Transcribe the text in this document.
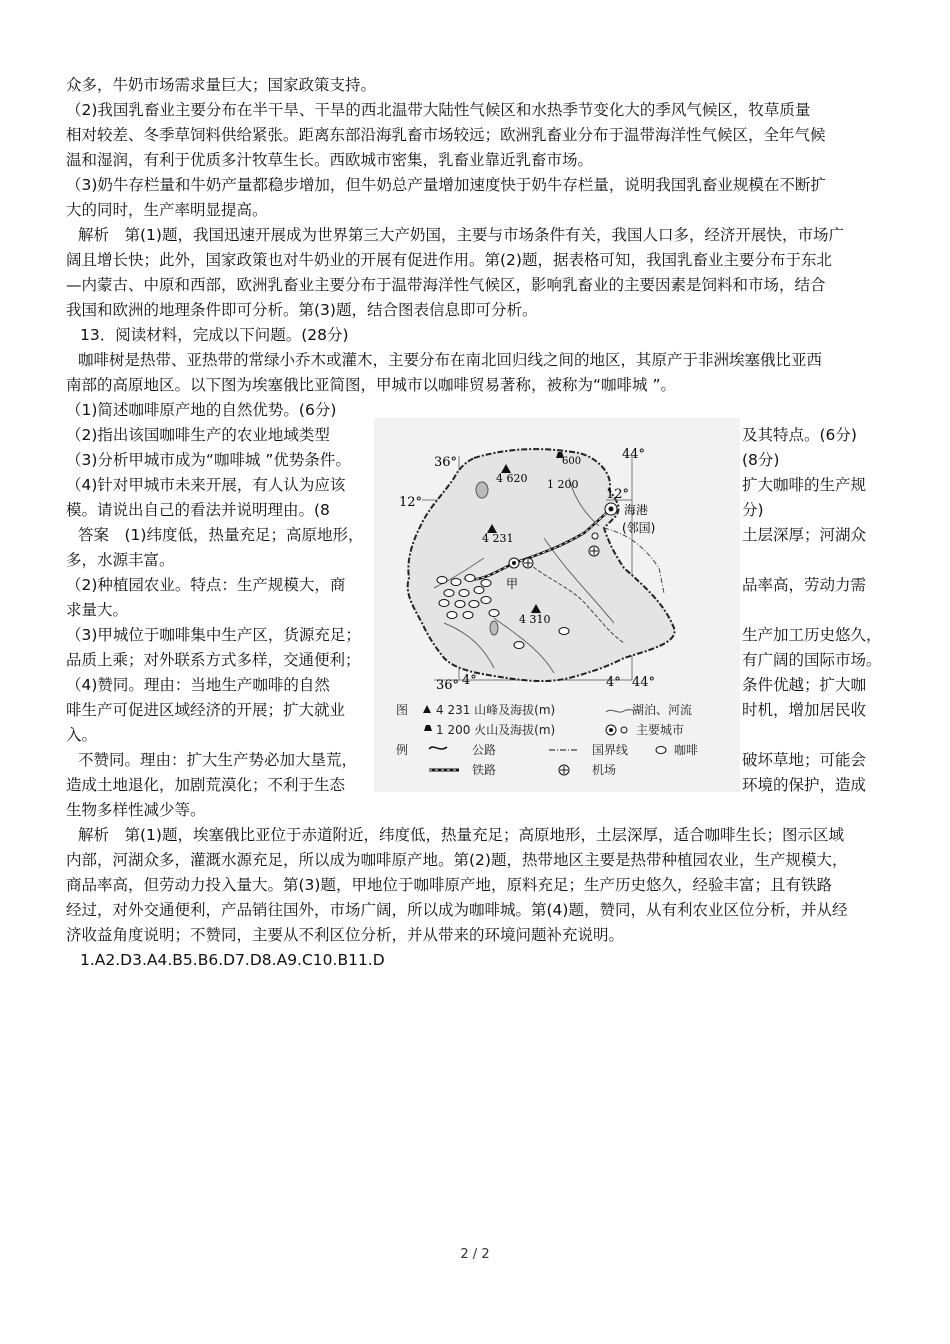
众多，牛奶市场需求量巨大；国家政策支持。
（2)我国乳畜业主要分布在半干旱、干旱的西北温带大陆性气候区和水热季节变化大的季风气候区，牧草质量
相对较差、冬季草饲料供给紧张。距离东部沿海乳畜市场较远；欧洲乳畜业分布于温带海洋性气候区，全年气候
温和湿润，有利于优质多汁牧草生长。西欧城市密集，乳畜业靠近乳畜市场。
（3)奶牛存栏量和牛奶产量都稳步增加，但牛奶总产量增加速度快于奶牛存栏量，说明我国乳畜业规模在不断扩
大的同时，生产率明显提高。
解析　第(1)题，我国迅速开展成为世界第三大产奶国，主要与市场条件有关，我国人口多，经济开展快，市场广
阔且增长快；此外，国家政策也对牛奶业的开展有促进作用。第(2)题，据表格可知，我国乳畜业主要分布于东北
—内蒙古、中原和西部，欧洲乳畜业主要分布于温带海洋性气候区，影响乳畜业的主要因素是饲料和市场，结合
我国和欧洲的地理条件即可分析。第(3)题，结合图表信息即可分析。
13．阅读材料，完成以下问题。(28分)
咖啡树是热带、亚热带的常绿小乔木或灌木，主要分布在南北回归线之间的地区，其原产于非洲埃塞俄比亚西
南部的高原地区。以下图为埃塞俄比亚简图，甲城市以咖啡贸易著称，被称为“咖啡城 ”。
（1)简述咖啡原产地的自然优势。(6分)
（2)指出该国咖啡生产的农业地域类型	及其特点。(6分)
（3)分析甲城市成为“咖啡城 ”优势条件。	(8分)
（4)针对甲城市未来开展，有人认为应该	扩大咖啡的生产规
模。请说出自己的看法并说明理由。(8	分)
答案　(1)纬度低，热量充足；高原地形，	土层深厚；河湖众
多，水源丰富。
（2)种植园农业。特点：生产规模大，商	品率高，劳动力需
求量大。
（3)甲城位于咖啡集中生产区，货源充足；	生产加工历史悠久，
品质上乘；对外联系方式多样，交通便利；	有广阔的国际市场。
（4)赞同。理由：当地生产咖啡的自然	条件优越；扩大咖
啡生产可促进区域经济的开展；扩大就业	时机，增加居民收
入。
不赞同。理由：扩大生产势必加大垦荒，	破坏草地；可能会
造成土地退化，加剧荒漠化；不利于生态	环境的保护，造成
生物多样性减少等。
解析　第(1)题，埃塞俄比亚位于赤道附近，纬度低，热量充足；高原地形，土层深厚，适合咖啡生长；图示区域
内部，河湖众多，灌溉水源充足，所以成为咖啡原产地。第(2)题，热带地区主要是热带种植园农业，生产规模大，
商品率高，但劳动力投入量大。第(3)题，甲地位于咖啡原产地，原料充足；生产历史悠久，经验丰富；且有铁路
经过，对外交通便利，产品销往国外，市场广阔，所以成为咖啡城。第(4)题，赞同，从有利农业区位分析，并从经
济收益角度说明；不赞同，主要从不利区位分析，并从带来的环境问题补充说明。
1.A2.D3.A4.B5.B6.D7.D8.A9.C10.B11.D
4 620
4 231
4 310
600
1 200
甲
海港
(邻国)
36°
44°
12°
12°
36° 4°	4° 44°
图
例
4 231 山峰及海拔(m)
1 200 火山及海拔(m)
公路
铁路
湖泊、河流
主要城市
国界线	咖啡
机场
2 / 2
